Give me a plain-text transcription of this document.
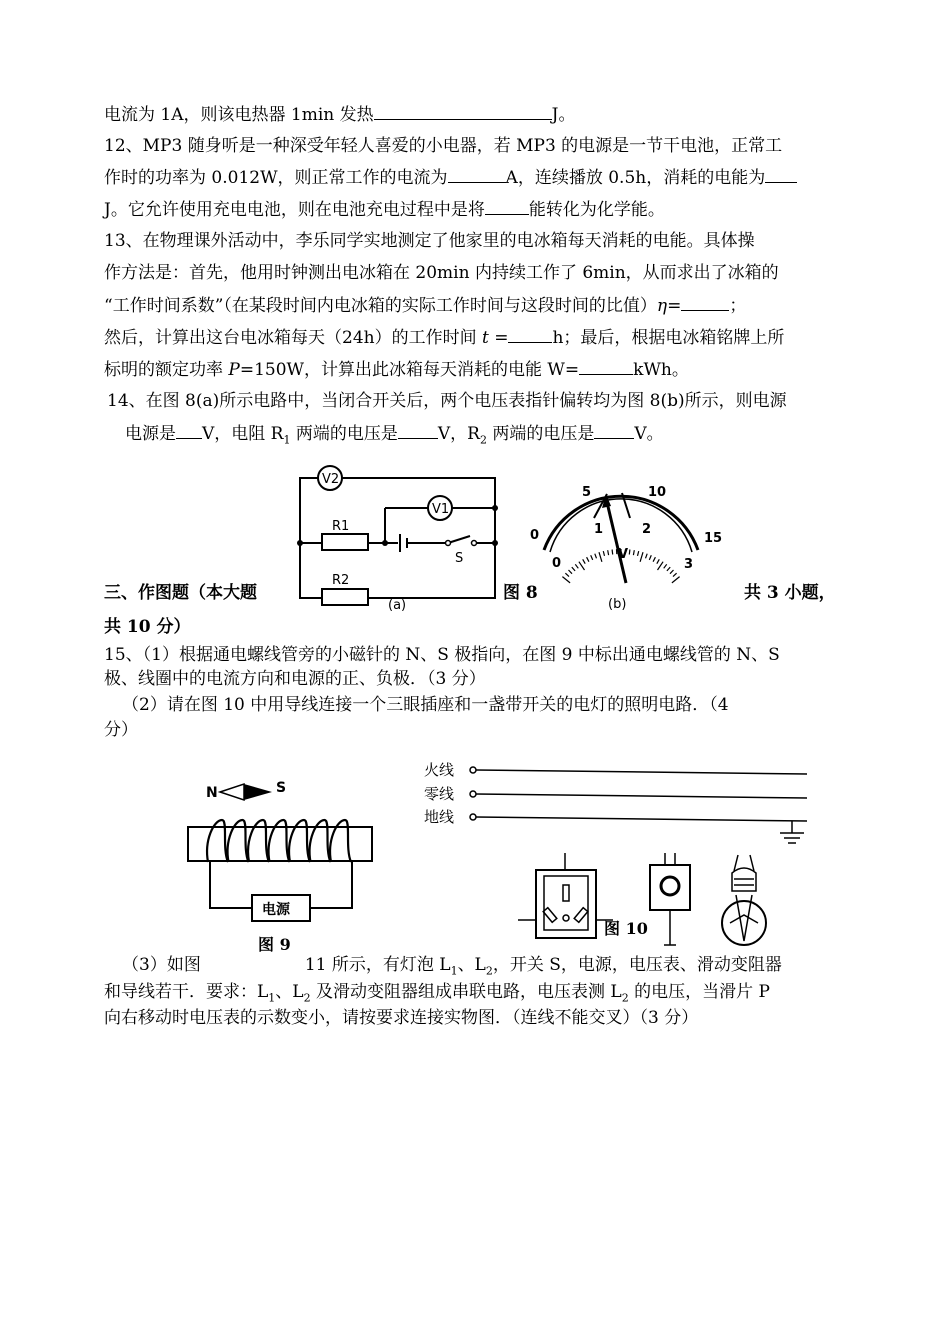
电流为 1A，则该电热器 1min 发热	J。
12、MP3 随身听是一种深受年轻人喜爱的小电器，若 MP3 的电源是一节干电池，正常工
作时的功率为 0.012W，则正常工作的电流为	A，连续播放 0.5h，消耗的电能为
J。它允许使用充电电池，则在电池充电过程中是将	能转化为化学能。
13、在物理课外活动中，李乐同学实地测定了他家里的电冰箱每天消耗的电能。具体操
作方法是：首先，他用时钟测出电冰箱在 20min 内持续工作了 6min，从而求出了冰箱的
“工作时间系数”（在某段时间内电冰箱的实际工作时间与这段时间的比值）η=	；
然后，计算出这台电冰箱每天（24h）的工作时间 t =	h；最后，根据电冰箱铭牌上所
标明的额定功率 P=150W，计算出此冰箱每天消耗的电能 W=	kWh。
14、在图 8(a)所示电路中，当闭合开关后，两个电压表指针偏转均为图 8(b)所示，则电源
电源是 V，电阻 $R_1$ 两端的电压是 V，$R_2$ 两端的电压是 V。
V2
V1
R1
R2
S
(a)
0
5	10
15
0
1	2
3
V
(b)
三、作图题（本大题	图 8	共 3 小题，
共 10 分）
15、（1）根据通电螺线管旁的小磁针的 N、S 极指向，在图 9 中标出通电螺线管的 N、S
极、线圈中的电流方向和电源的正、负极．（3 分）
（2）请在图 10 中用导线连接一个三眼插座和一盏带开关的电灯的照明电路．（4
分）
N	S
电源
图 9
火线
零线
地线
图 10
（3）如图	11 所示，有灯泡 $L_1$、$L_2$，开关 S，电源，电压表、滑动变阻器
和导线若干．要求：$L_1$、$L_2$ 及滑动变阻器组成串联电路，电压表测 $L_2$ 的电压，当滑片 P
向右移动时电压表的示数变小，请按要求连接实物图．（连线不能交叉）（3 分）
